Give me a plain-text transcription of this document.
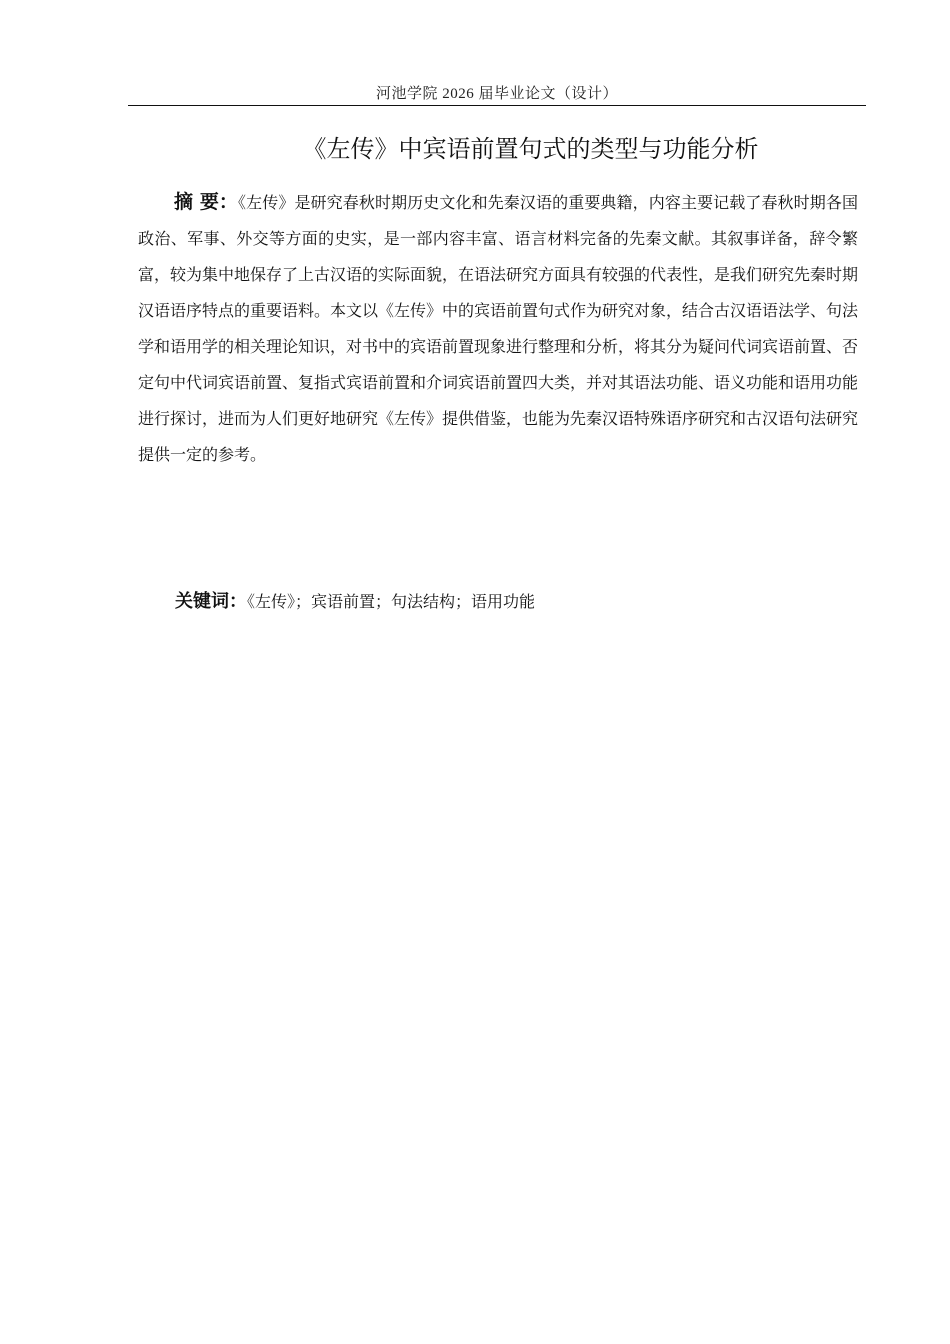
河池学院 2026 届毕业论文（设计）
《左传》中宾语前置句式的类型与功能分析

摘 要：《左传》是研究春秋时期历史文化和先秦汉语的重要典籍，内容主要记载了春秋时期各国政治、军事、外交等方面的史实，是一部内容丰富、语言材料完备的先秦文献。其叙事详备，辞令繁富，较为集中地保存了上古汉语的实际面貌，在语法研究方面具有较强的代表性，是我们研究先秦时期汉语语序特点的重要语料。本文以《左传》中的宾语前置句式作为研究对象，结合古汉语语法学、句法学和语用学的相关理论知识，对书中的宾语前置现象进行整理和分析，将其分为疑问代词宾语前置、否定句中代词宾语前置、复指式宾语前置和介词宾语前置四大类，并对其语法功能、语义功能和语用功能进行探讨，进而为人们更好地研究《左传》提供借鉴，也能为先秦汉语特殊语序研究和古汉语句法研究提供一定的参考。

关键词：《左传》；宾语前置；句法结构；语用功能
